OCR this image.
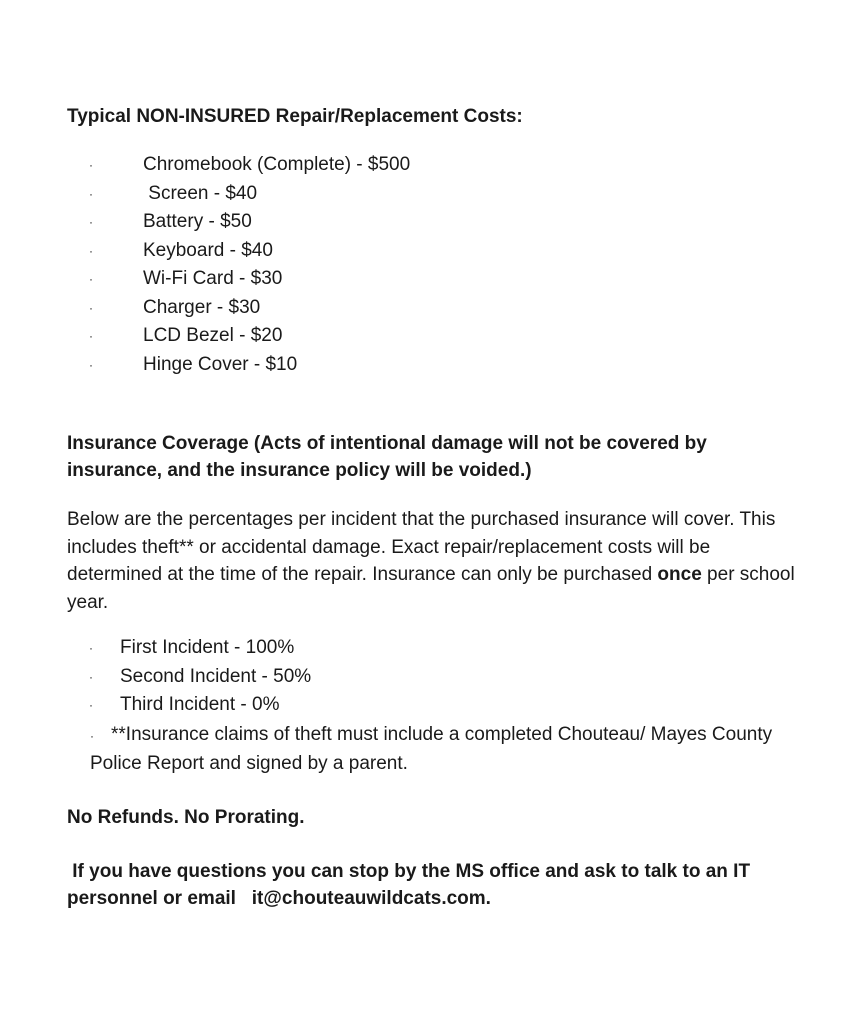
Typical NON-INSURED Repair/Replacement Costs:
·	Chromebook (Complete) - $500
·	Screen - $40
·	Battery - $50
·	Keyboard - $40
·	Wi-Fi Card - $30
·	Charger - $30
·	LCD Bezel - $20
·	Hinge Cover - $10
Insurance Coverage (Acts of intentional damage will not be covered by insurance, and the insurance policy will be voided.)

Below are the percentages per incident that the purchased insurance will cover. This includes theft** or accidental damage. Exact repair/replacement costs will be determined at the time of the repair. Insurance can only be purchased once per school year.

· First Incident - 100%
· Second Incident - 50%
· Third Incident - 0%

· **Insurance claims of theft must include a completed Chouteau/ Mayes County Police Report and signed by a parent.

No Refunds. No Prorating.

If you have questions you can stop by the MS office and ask to talk to an IT personnel or email   it@chouteauwildcats.com.
